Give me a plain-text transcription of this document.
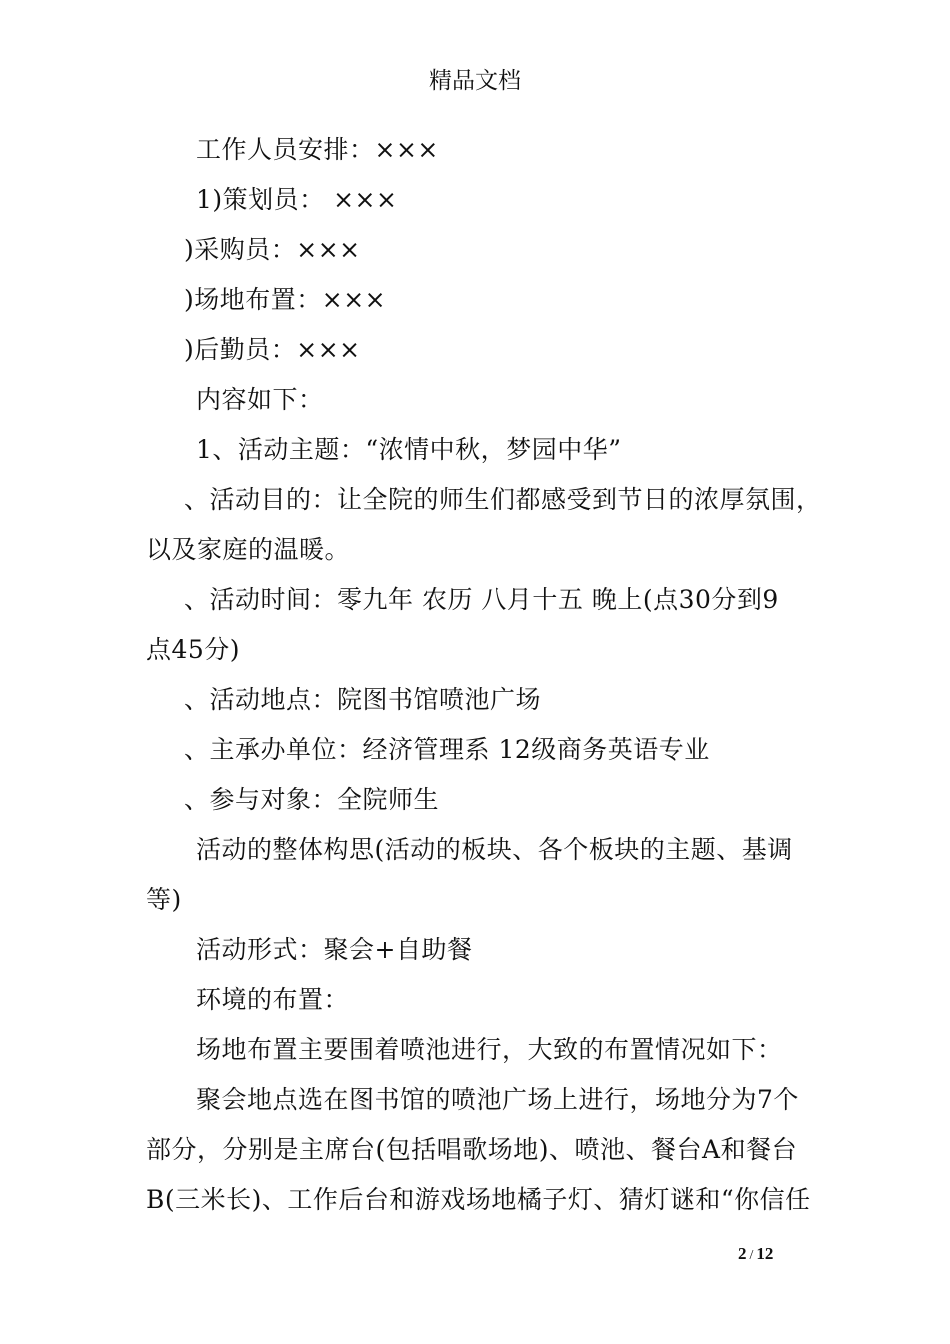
精品文档
工作人员安排：×××
1)策划员： ×××
)采购员：×××
)场地布置：×××
)后勤员：×××
内容如下：
1、活动主题：“浓情中秋，梦园中华”
、活动目的：让全院的师生们都感受到节日的浓厚氛围，
以及家庭的温暖。
、活动时间：零九年 农历 八月十五 晚上(点30分到9
点45分)
、活动地点：院图书馆喷池广场
、主承办单位：经济管理系 12级商务英语专业
、参与对象：全院师生
活动的整体构思(活动的板块、各个板块的主题、基调
等)
活动形式：聚会+自助餐
环境的布置：
场地布置主要围着喷池进行，大致的布置情况如下：
聚会地点选在图书馆的喷池广场上进行，场地分为7个
部分，分别是主席台(包括唱歌场地)、喷池、餐台A和餐台
B(三米长)、工作后台和游戏场地橘子灯、猜灯谜和“你信任
2 / 12
